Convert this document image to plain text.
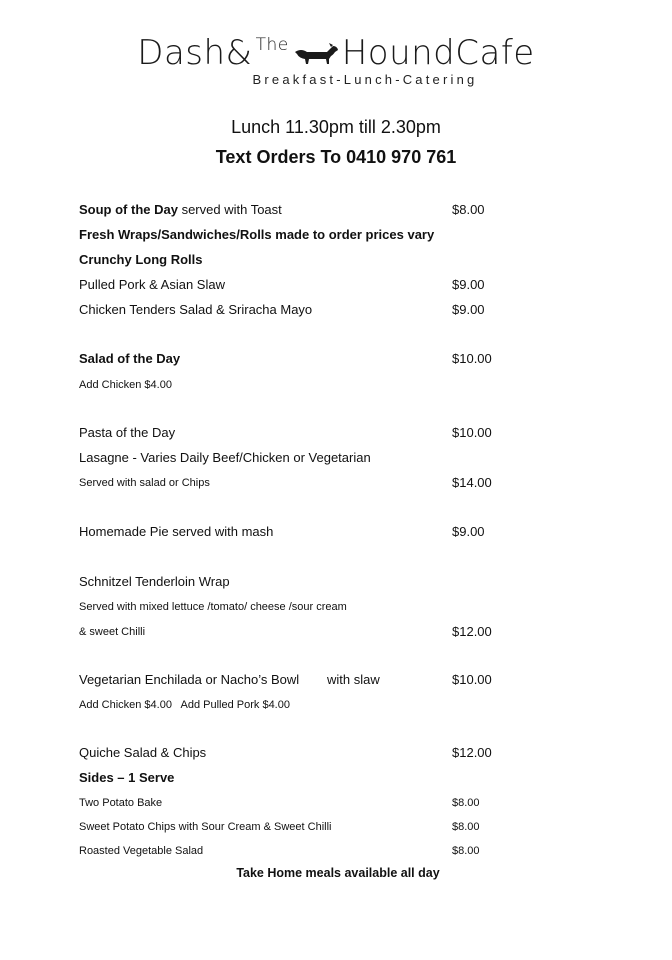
Dash& The HoundCafe
Breakfast-Lunch-Catering
Lunch 11.30pm till 2.30pm
Text Orders To 0410 970 761
Soup of the Day served with Toast	$8.00
Fresh Wraps/Sandwiches/Rolls made to order prices vary
Crunchy Long Rolls
Pulled Pork & Asian Slaw	$9.00
Chicken Tenders Salad & Sriracha Mayo	$9.00
Salad of the Day	$10.00
Add Chicken $4.00
Pasta of the Day	$10.00
Lasagne - Varies Daily Beef/Chicken or Vegetarian
Served with salad or Chips	$14.00
Homemade Pie served with mash	$9.00
Schnitzel Tenderloin Wrap
Served with mixed lettuce /tomato/ cheese /sour cream
& sweet Chilli	$12.00
Vegetarian Enchilada or Nacho’s Bowl with slaw	$10.00
Add Chicken $4.00   Add Pulled Pork $4.00
Quiche Salad & Chips	$12.00
Sides – 1 Serve
Two Potato Bake	$8.00
Sweet Potato Chips with Sour Cream & Sweet Chilli	$8.00
Roasted Vegetable Salad	$8.00
Take Home meals available all day
